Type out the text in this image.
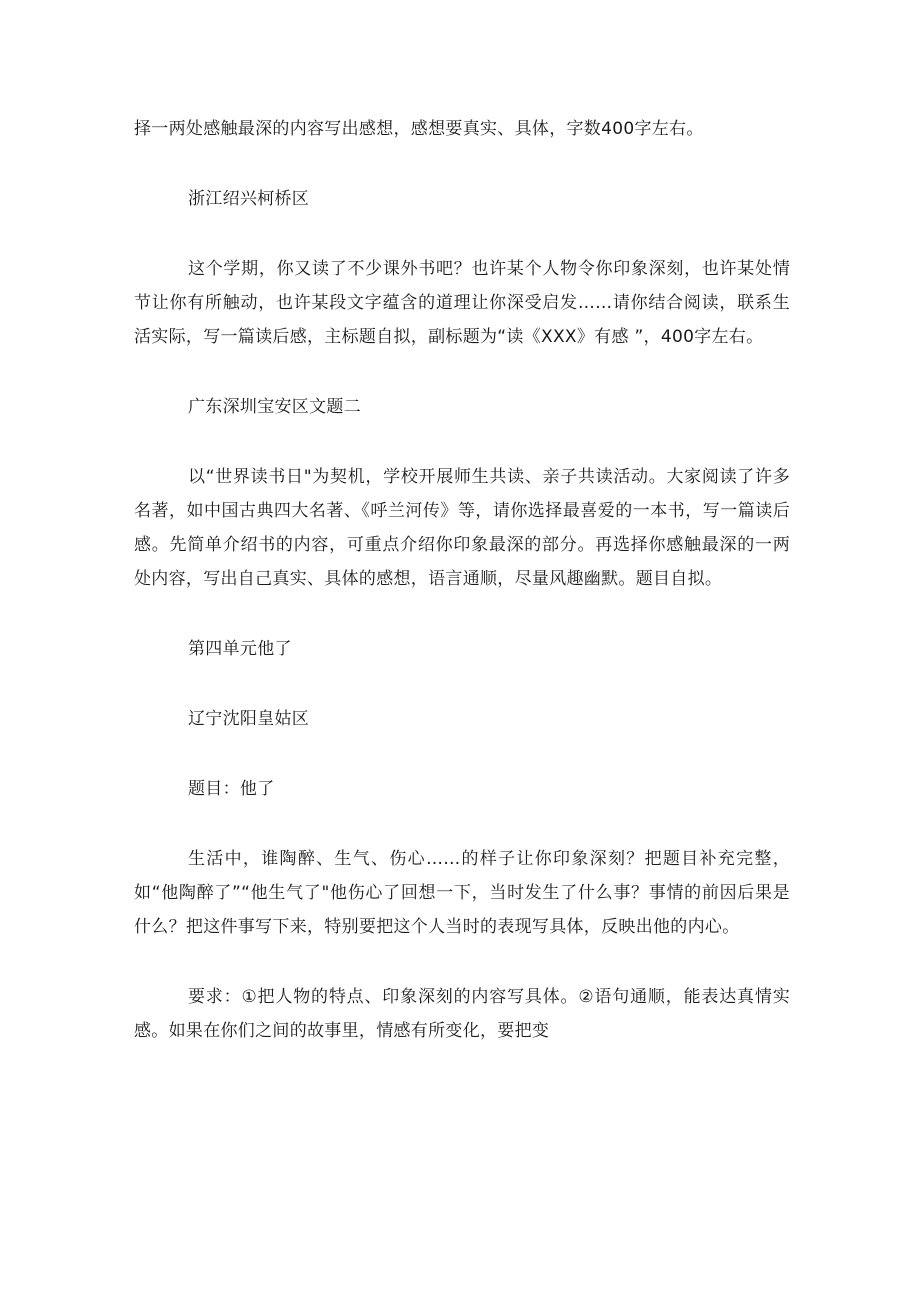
择一两处感触最深的内容写出感想，感想要真实、具体，字数400字左右。

浙江绍兴柯桥区

这个学期，你又读了不少课外书吧？也许某个人物令你印象深刻，也许某处情节让你有所触动，也许某段文字蕴含的道理让你深受启发……请你结合阅读，联系生活实际，写一篇读后感，主标题自拟，副标题为“读《XXX》有感 ”，400字左右。

广东深圳宝安区文题二

以“世界读书日"为契机，学校开展师生共读、亲子共读活动。大家阅读了许多名著，如中国古典四大名著、《呼兰河传》等，请你选择最喜爱的一本书，写一篇读后感。先简单介绍书的内容，可重点介绍你印象最深的部分。再选择你感触最深的一两处内容，写出自己真实、具体的感想，语言通顺，尽量风趣幽默。题目自拟。

第四单元他了

辽宁沈阳皇姑区

题目：他了

生活中，谁陶醉、生气、伤心……的样子让你印象深刻？把题目补充完整，如“他陶醉了”“他生气了"他伤心了回想一下，当时发生了什么事？事情的前因后果是什么？把这件事写下来，特别要把这个人当时的表现写具体，反映出他的内心。

要求：①把人物的特点、印象深刻的内容写具体。②语句通顺，能表达真情实感。如果在你们之间的故事里，情感有所变化，要把变
